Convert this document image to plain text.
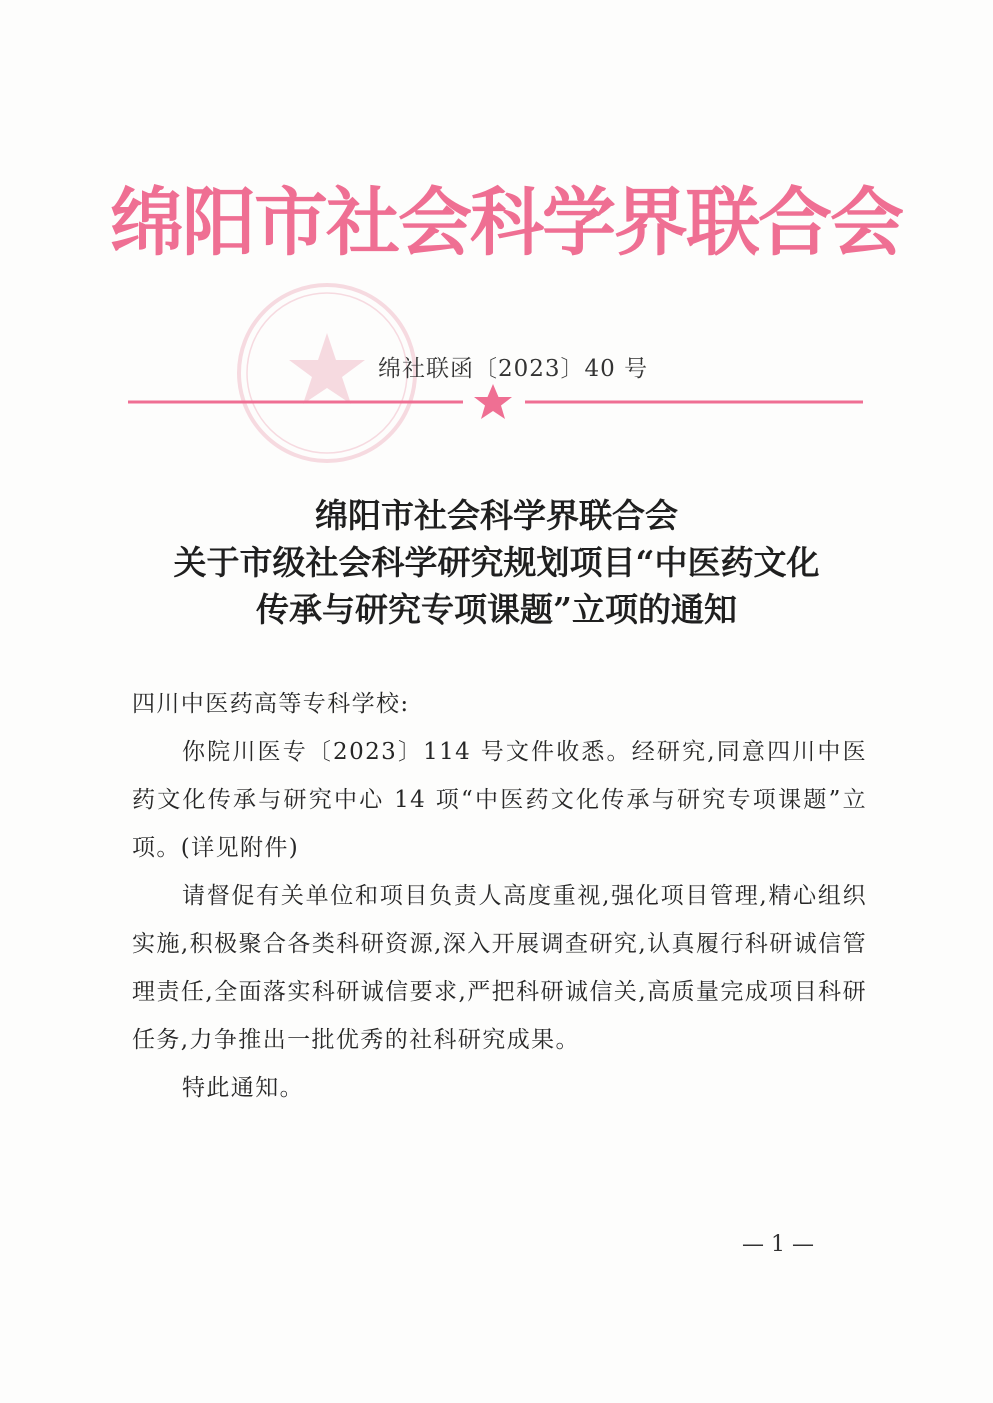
绵阳市社会科学界联合会
绵社联函〔2023〕40 号
绵阳市社会科学界联合会
关于市级社会科学研究规划项目“中医药文化
传承与研究专项课题”立项的通知

四川中医药高等专科学校:

你院川医专〔2023〕114 号文件收悉。经研究,同意四川中医药文化传承与研究中心 14 项“中医药文化传承与研究专项课题”立项。(详见附件)

请督促有关单位和项目负责人高度重视,强化项目管理,精心组织实施,积极聚合各类科研资源,深入开展调查研究,认真履行科研诚信管理责任,全面落实科研诚信要求,严把科研诚信关,高质量完成项目科研任务,力争推出一批优秀的社科研究成果。

特此通知。

— 1 —
